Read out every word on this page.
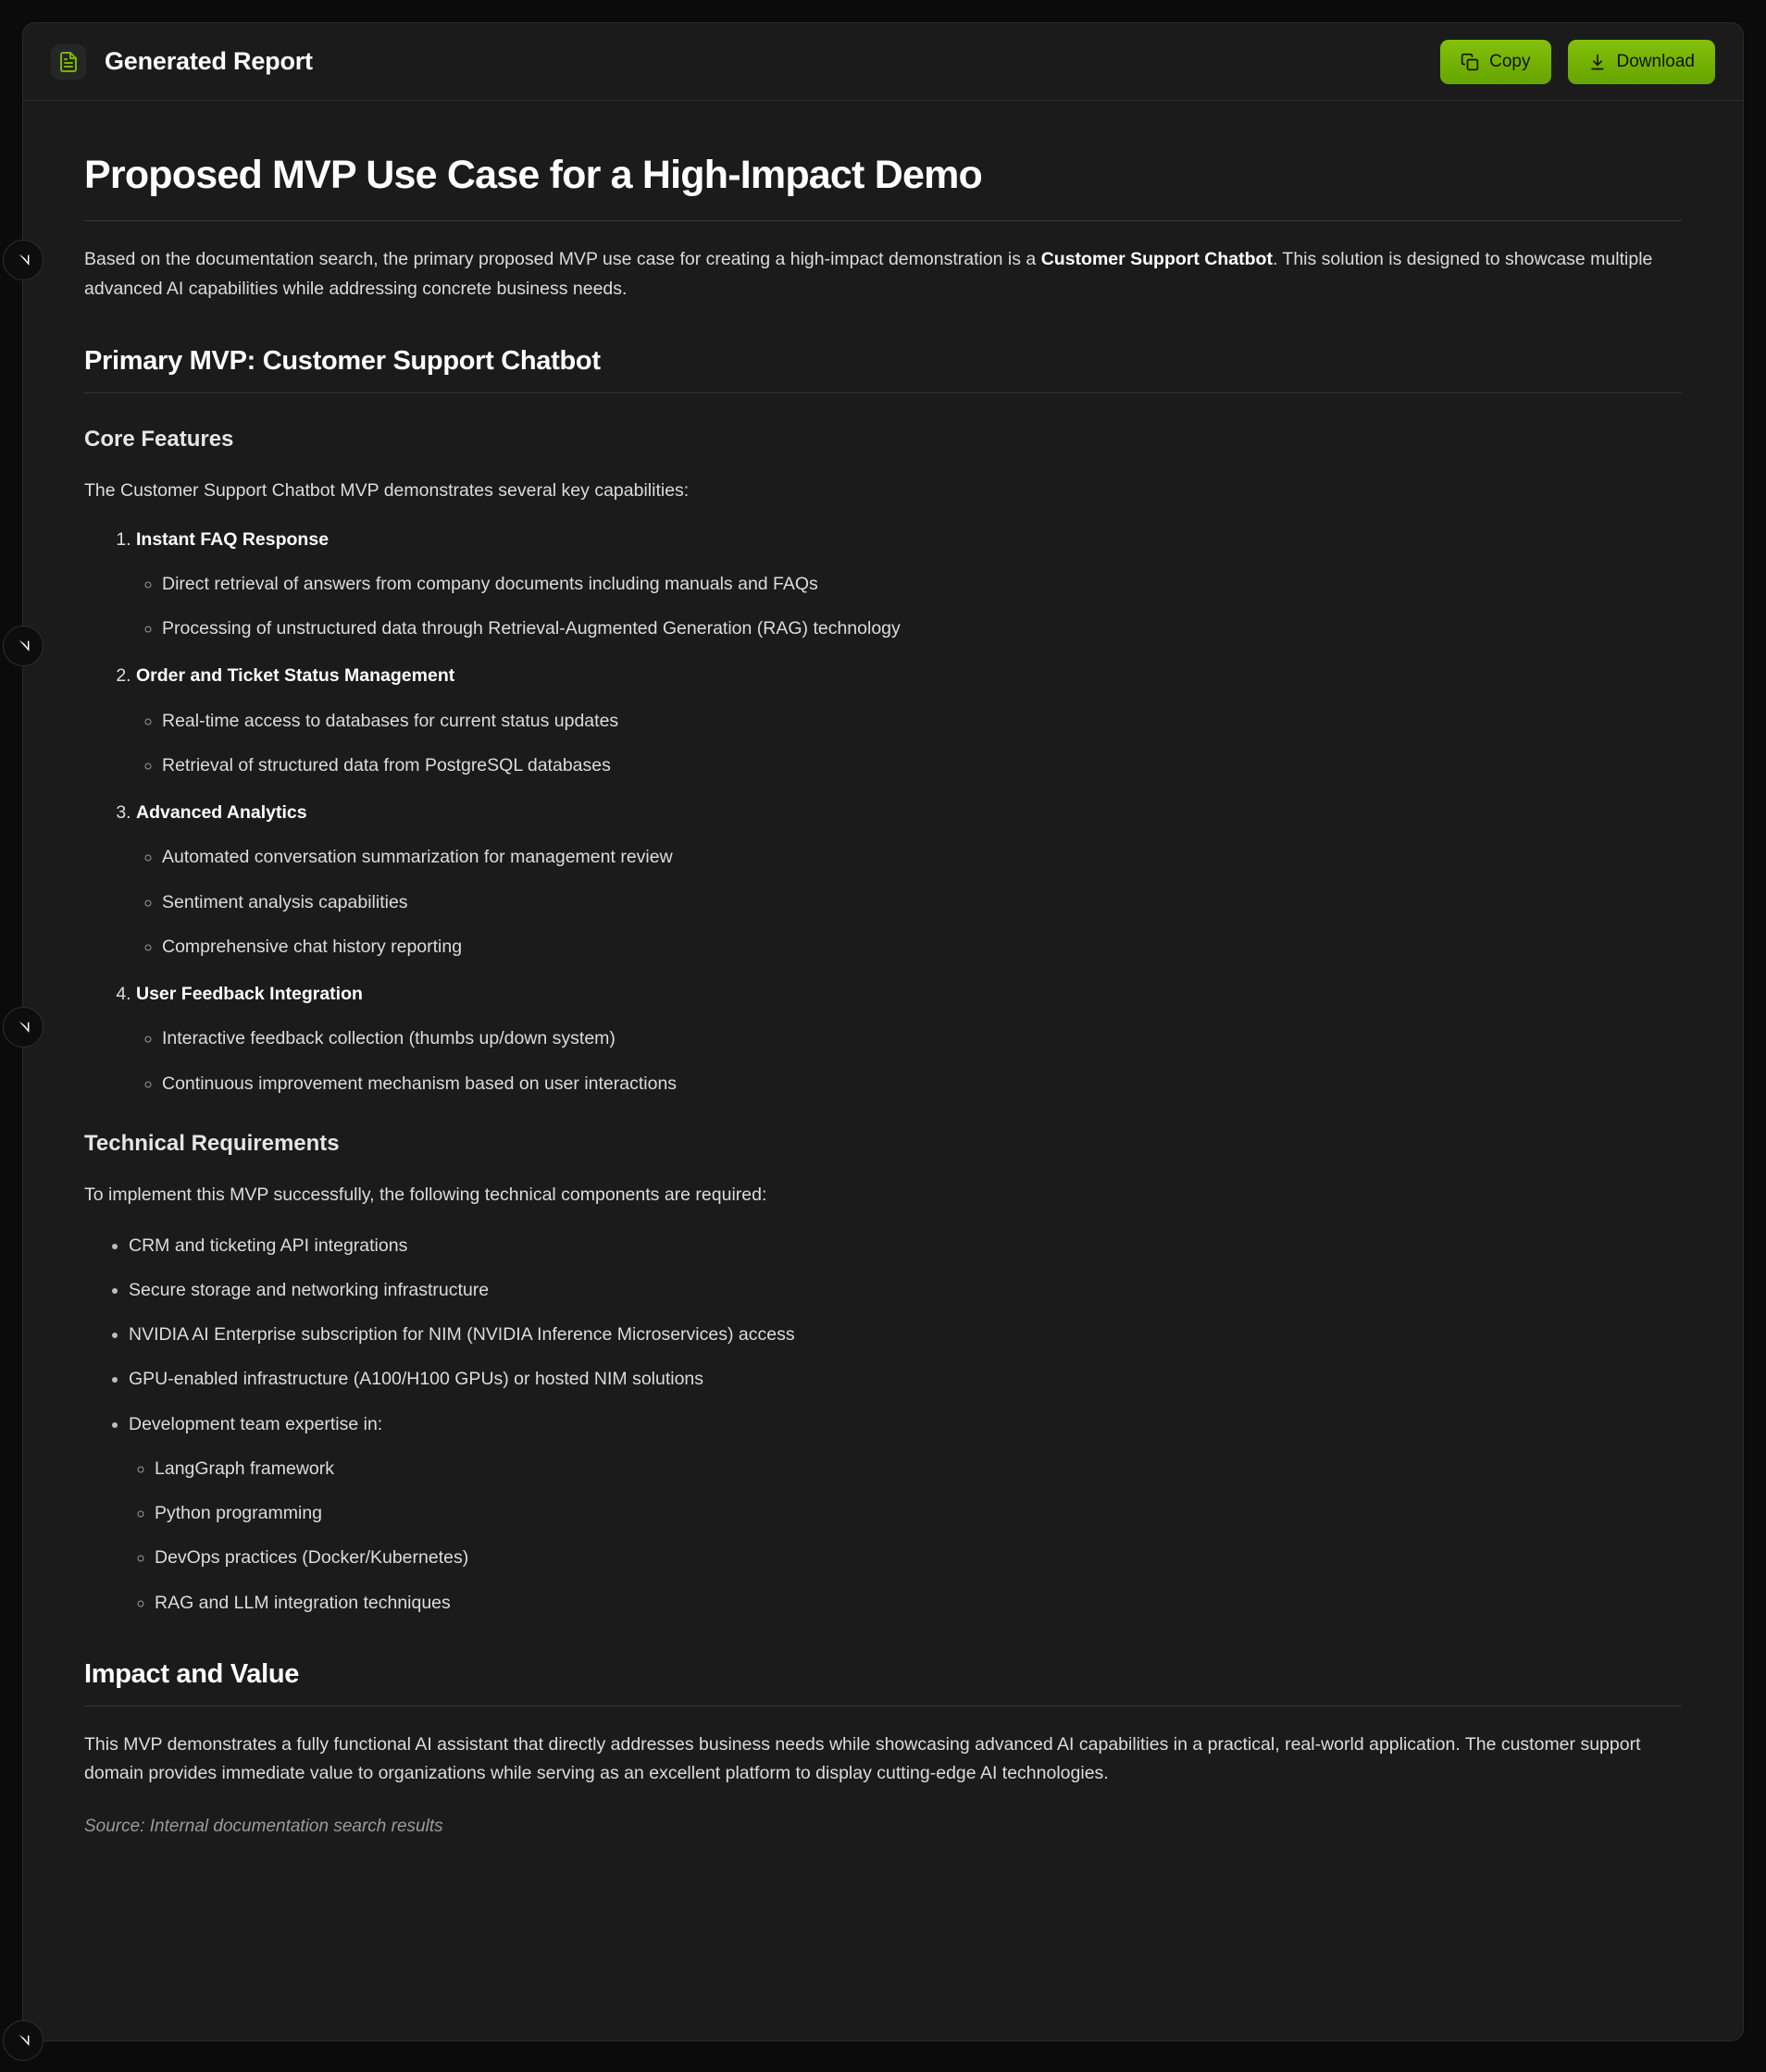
Generated Report	Copy	Download
Proposed MVP Use Case for a High-Impact Demo

Based on the documentation search, the primary proposed MVP use case for creating a high-impact demonstration is a Customer Support Chatbot. This solution is designed to showcase multiple advanced AI capabilities while addressing concrete business needs.

Primary MVP: Customer Support Chatbot
Core Features

The Customer Support Chatbot MVP demonstrates several key capabilities:

1. Instant FAQ Response
◦ Direct retrieval of answers from company documents including manuals and FAQs
◦ Processing of unstructured data through Retrieval-Augmented Generation (RAG) technology
2. Order and Ticket Status Management
◦ Real-time access to databases for current status updates
◦ Retrieval of structured data from PostgreSQL databases
3. Advanced Analytics
◦ Automated conversation summarization for management review
◦ Sentiment analysis capabilities
◦ Comprehensive chat history reporting
4. User Feedback Integration
◦ Interactive feedback collection (thumbs up/down system)
◦ Continuous improvement mechanism based on user interactions
Technical Requirements

To implement this MVP successfully, the following technical components are required:

• CRM and ticketing API integrations
• Secure storage and networking infrastructure
• NVIDIA AI Enterprise subscription for NIM (NVIDIA Inference Microservices) access
• GPU-enabled infrastructure (A100/H100 GPUs) or hosted NIM solutions
• Development team expertise in:
◦ LangGraph framework
◦ Python programming
◦ DevOps practices (Docker/Kubernetes)
◦ RAG and LLM integration techniques
Impact and Value

This MVP demonstrates a fully functional AI assistant that directly addresses business needs while showcasing advanced AI capabilities in a practical, real-world application. The customer support domain provides immediate value to organizations while serving as an excellent platform to display cutting-edge AI technologies.

Source: Internal documentation search results
